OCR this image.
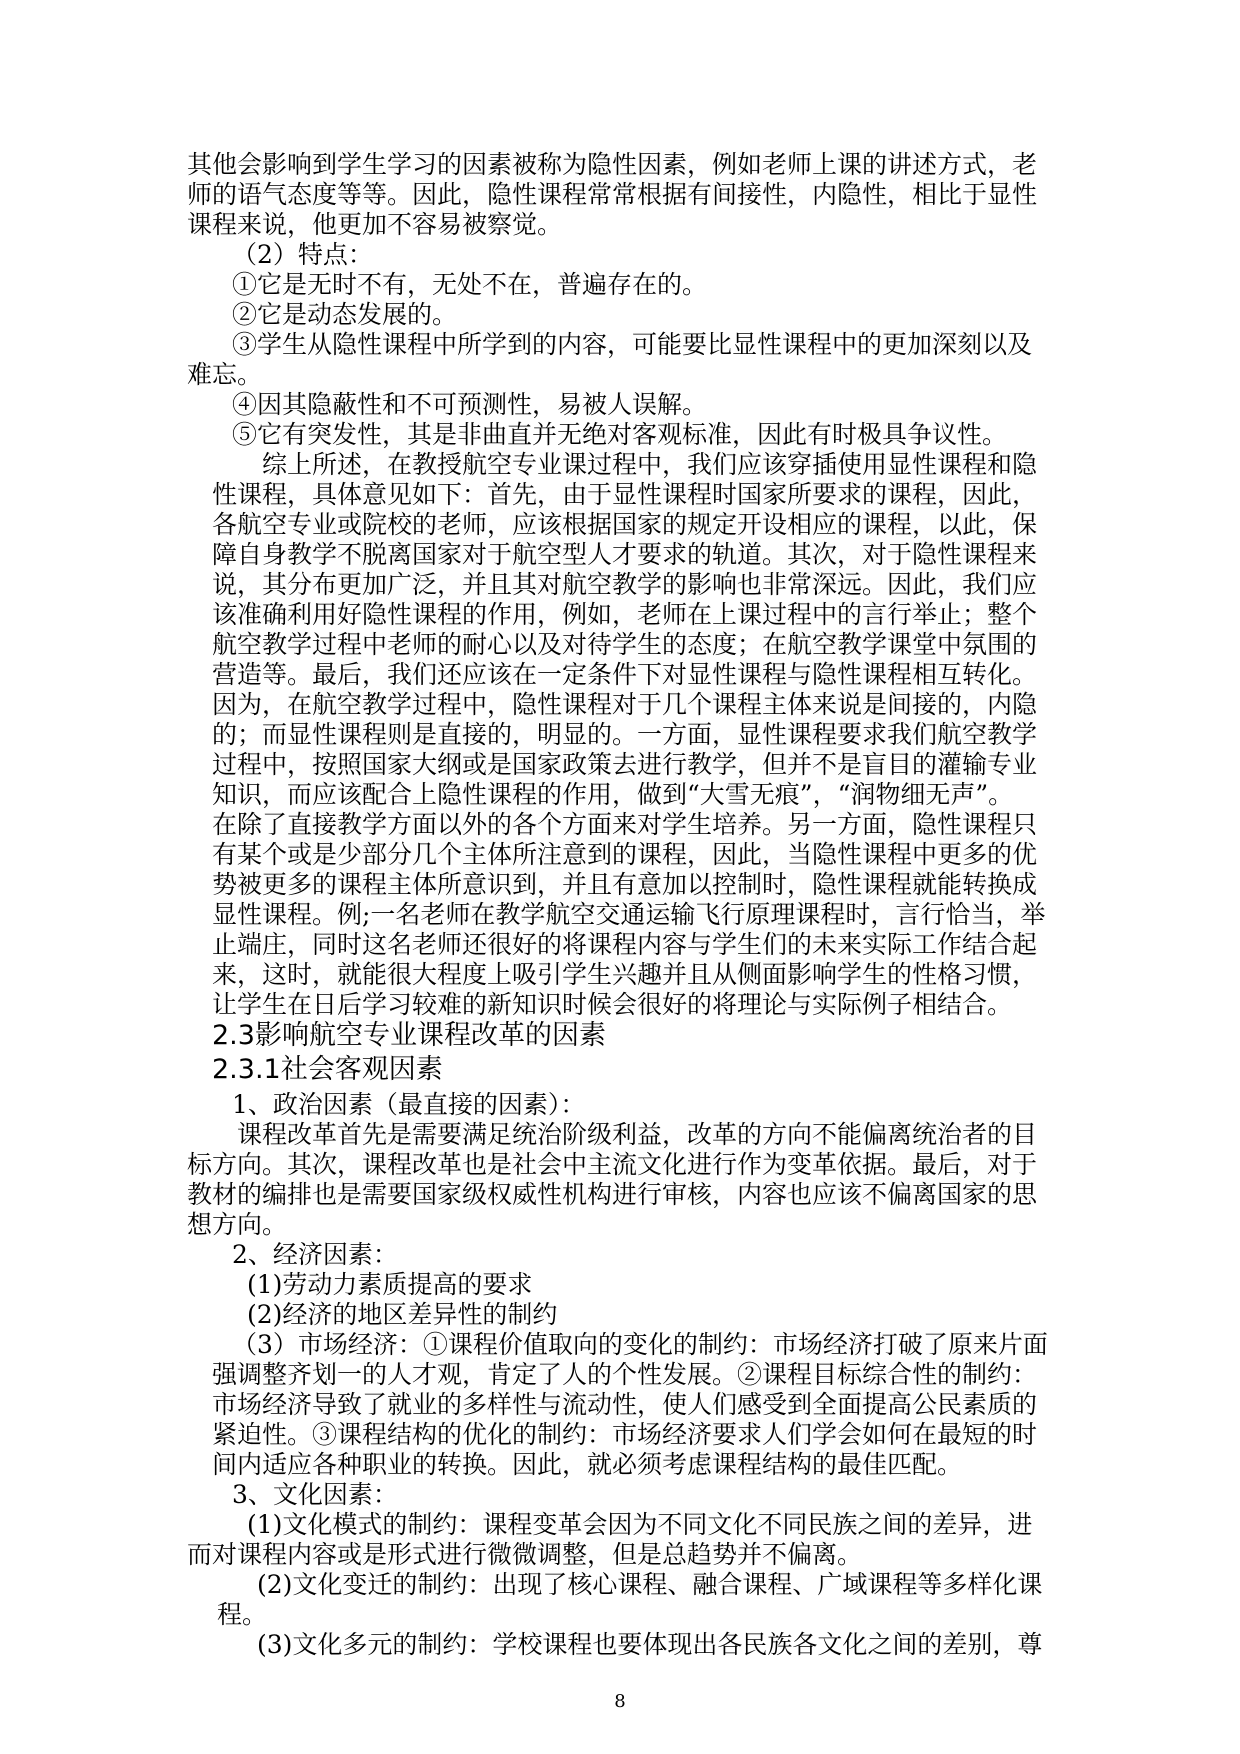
其他会影响到学生学习的因素被称为隐性因素，例如老师上课的讲述方式，老
师的语气态度等等。因此，隐性课程常常根据有间接性，内隐性，相比于显性
课程来说，他更加不容易被察觉。
（2）特点：
①它是无时不有，无处不在，普遍存在的。
②它是动态发展的。
③学生从隐性课程中所学到的内容，可能要比显性课程中的更加深刻以及
难忘。
④因其隐蔽性和不可预测性，易被人误解。
⑤它有突发性，其是非曲直并无绝对客观标准，因此有时极具争议性。
综上所述，在教授航空专业课过程中，我们应该穿插使用显性课程和隐
性课程，具体意见如下：首先，由于显性课程时国家所要求的课程，因此，
各航空专业或院校的老师，应该根据国家的规定开设相应的课程，以此，保
障自身教学不脱离国家对于航空型人才要求的轨道。其次，对于隐性课程来
说，其分布更加广泛，并且其对航空教学的影响也非常深远。因此，我们应
该准确利用好隐性课程的作用，例如，老师在上课过程中的言行举止；整个
航空教学过程中老师的耐心以及对待学生的态度；在航空教学课堂中氛围的
营造等。最后，我们还应该在一定条件下对显性课程与隐性课程相互转化。
因为，在航空教学过程中，隐性课程对于几个课程主体来说是间接的，内隐
的；而显性课程则是直接的，明显的。一方面，显性课程要求我们航空教学
过程中，按照国家大纲或是国家政策去进行教学，但并不是盲目的灌输专业
知识，而应该配合上隐性课程的作用，做到“大雪无痕”，“润物细无声”。
在除了直接教学方面以外的各个方面来对学生培养。另一方面，隐性课程只
有某个或是少部分几个主体所注意到的课程，因此，当隐性课程中更多的优
势被更多的课程主体所意识到，并且有意加以控制时，隐性课程就能转换成
显性课程。例;一名老师在教学航空交通运输飞行原理课程时，言行恰当，举
止端庄，同时这名老师还很好的将课程内容与学生们的未来实际工作结合起
来，这时，就能很大程度上吸引学生兴趣并且从侧面影响学生的性格习惯，
让学生在日后学习较难的新知识时候会很好的将理论与实际例子相结合。
2.3影响航空专业课程改革的因素
2.3.1社会客观因素
1、政治因素（最直接的因素）：
课程改革首先是需要满足统治阶级利益，改革的方向不能偏离统治者的目
标方向。其次，课程改革也是社会中主流文化进行作为变革依据。最后，对于
教材的编排也是需要国家级权威性机构进行审核，内容也应该不偏离国家的思
想方向。
2、经济因素：
(1)劳动力素质提高的要求
(2)经济的地区差异性的制约
（3）市场经济：①课程价值取向的变化的制约：市场经济打破了原来片面
强调整齐划一的人才观，肯定了人的个性发展。②课程目标综合性的制约：
市场经济导致了就业的多样性与流动性，使人们感受到全面提高公民素质的
紧迫性。③课程结构的优化的制约：市场经济要求人们学会如何在最短的时
间内适应各种职业的转换。因此，就必须考虑课程结构的最佳匹配。
3、文化因素：
(1)文化模式的制约：课程变革会因为不同文化不同民族之间的差异，进
而对课程内容或是形式进行微微调整，但是总趋势并不偏离。
(2)文化变迁的制约：出现了核心课程、融合课程、广域课程等多样化课
程。
(3)文化多元的制约：学校课程也要体现出各民族各文化之间的差别，尊
8
